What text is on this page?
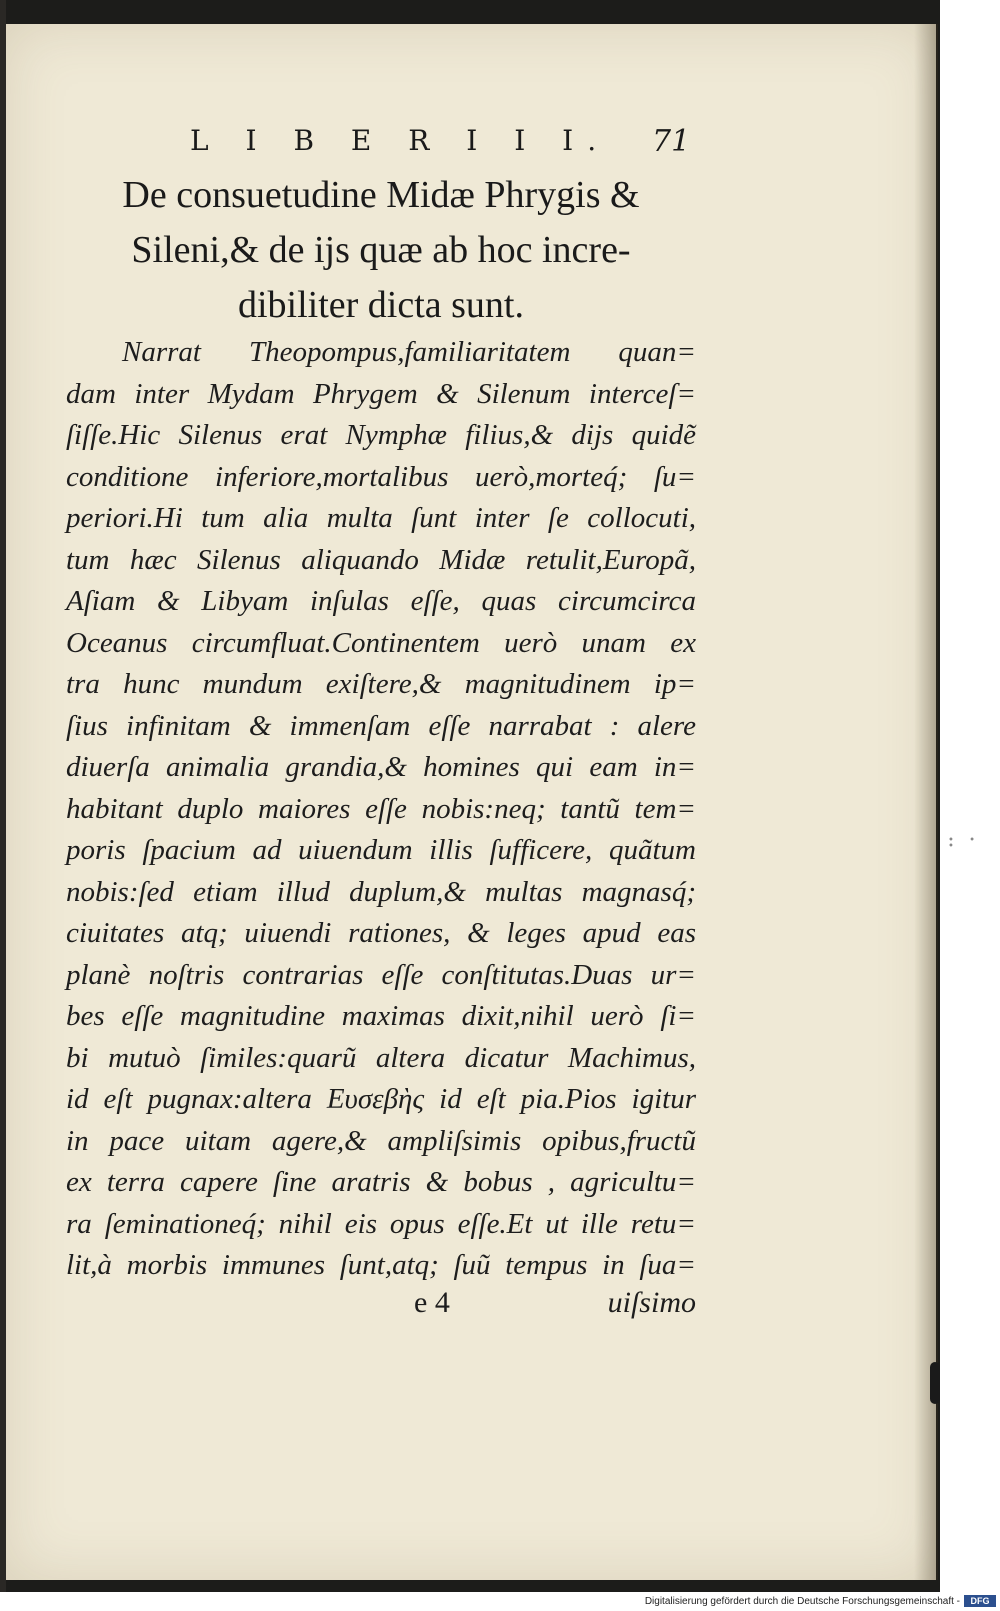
• • •
L I B E R I I I. 71
De consuetudine Midæ Phrygis &
Sileni,& de ijs quæ ab hoc incre-
dibiliter dicta sunt.
Narrat Theopompus,familiaritatem quan=
dam inter Mydam Phrygem & Silenum interceſ=
ſiſſe.Hic Silenus erat Nymphæ filius,& dijs quidẽ
conditione inferiore,mortalibus uerò,morteq́; ſu=
periori.Hi tum alia multa ſunt inter ſe collocuti,
tum hæc Silenus aliquando Midæ retulit,Europã,
Aſiam & Libyam inſulas eſſe, quas circumcirca
Oceanus circumfluat.Continentem uerò unam ex
tra hunc mundum exiſtere,& magnitudinem ip=
ſius infinitam & immenſam eſſe narrabat : alere
diuerſa animalia grandia,& homines qui eam in=
habitant duplo maiores eſſe nobis:neq; tantũ tem=
poris ſpacium ad uiuendum illis ſufficere, quãtum
nobis:ſed etiam illud duplum,& multas magnasq́;
ciuitates atq; uiuendi rationes, & leges apud eas
planè noſtris contrarias eſſe conſtitutas.Duas ur=
bes eſſe magnitudine maximas dixit,nihil uerò ſi=
bi mutuò ſimiles:quarũ altera dicatur Machimus,
id eſt pugnax:altera Ευσεβὴς id eſt pia.Pios igitur
in pace uitam agere,& ampliſsimis opibus,fructũ
ex terra capere ſine aratris & bobus , agricultu=
ra ſeminationeq́; nihil eis opus eſſe.Et ut ille retu=
lit,à morbis immunes ſunt,atq; ſuũ tempus in ſua=
e 4	uiſsimo
Digitalisierung gefördert durch die Deutsche Forschungsgemeinschaft -	DFG
